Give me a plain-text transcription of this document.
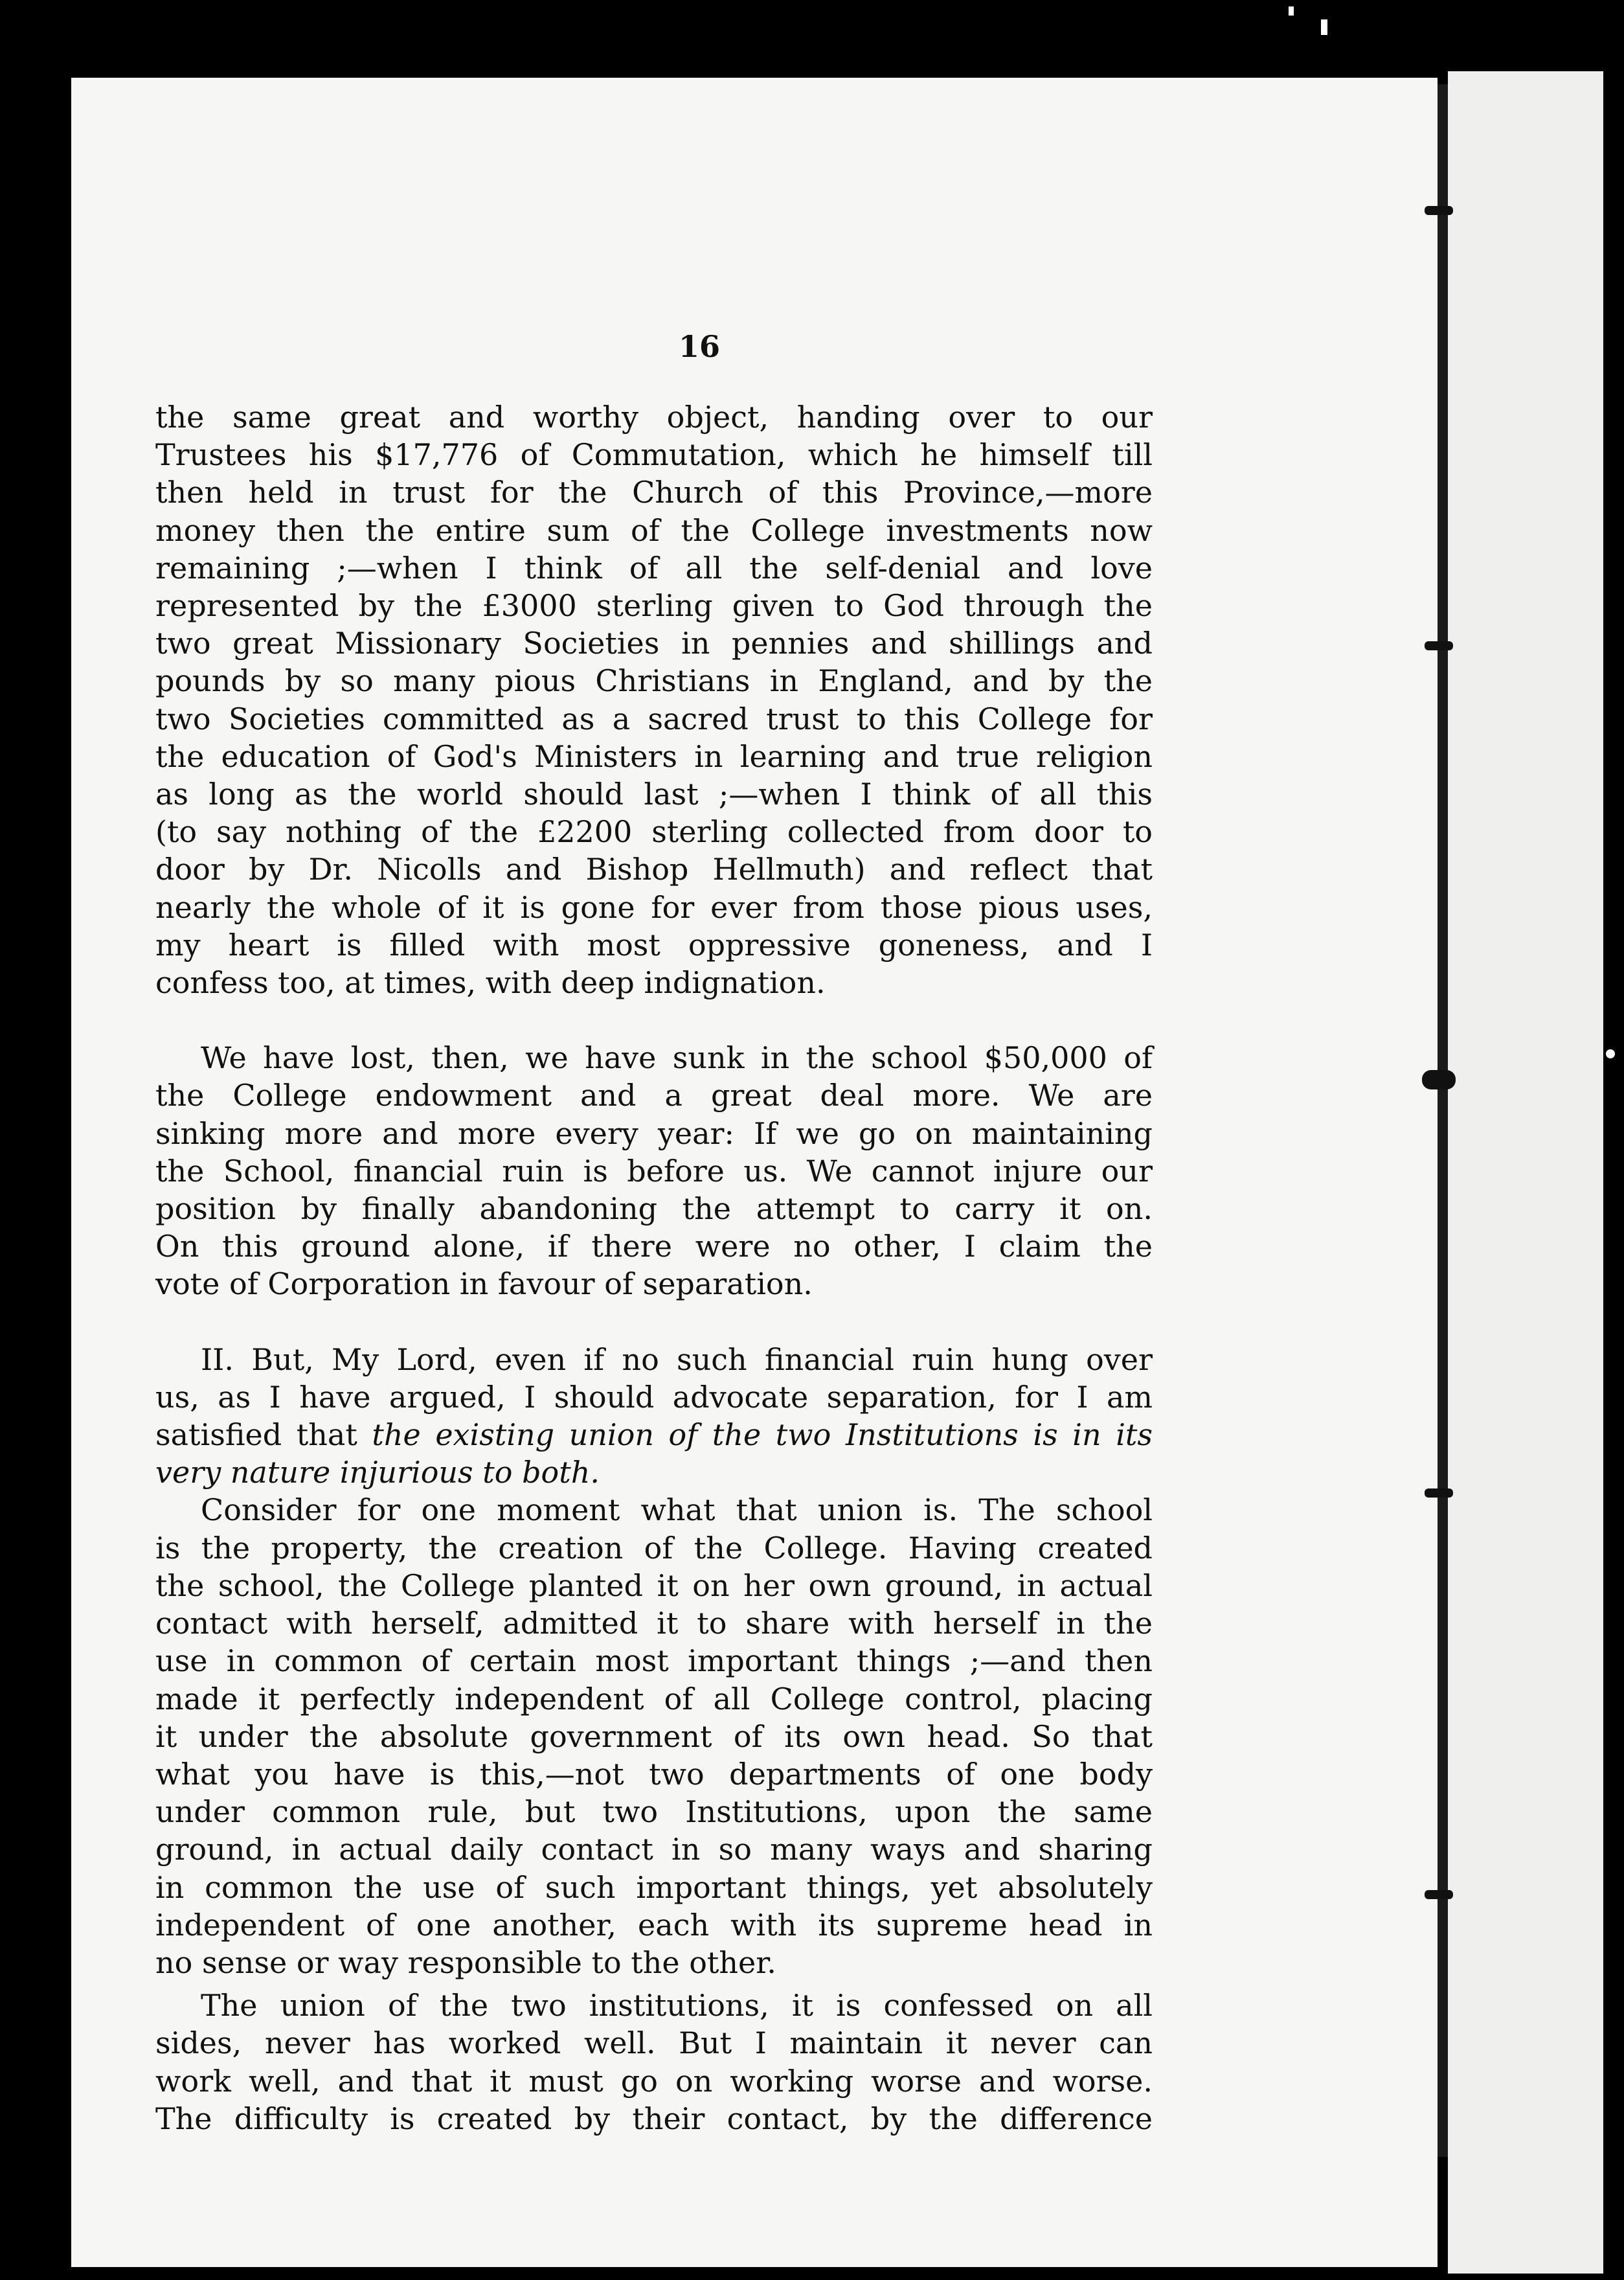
16
the same great and worthy object, handing over to our
Trustees his $17,776 of Commutation, which he himself till
then held in trust for the Church of this Province,—more
money then the entire sum of the College investments now
remaining ;—when I think of all the self-denial and love
represented by the £3000 sterling given to God through the
two great Missionary Societies in pennies and shillings and
pounds by so many pious Christians in England, and by the
two Societies committed as a sacred trust to this College for
the education of God's Ministers in learning and true religion
as long as the world should last ;—when I think of all this
(to say nothing of the £2200 sterling collected from door to
door by Dr. Nicolls and Bishop Hellmuth) and reflect that
nearly the whole of it is gone for ever from those pious uses,
my heart is filled with most oppressive goneness, and I
confess too, at times, with deep indignation.
We have lost, then, we have sunk in the school $50,000 of
the College endowment and a great deal more. We are
sinking more and more every year: If we go on maintaining
the School, financial ruin is before us. We cannot injure our
position by finally abandoning the attempt to carry it on.
On this ground alone, if there were no other, I claim the
vote of Corporation in favour of separation.
II. But, My Lord, even if no such financial ruin hung over
us, as I have argued, I should advocate separation, for I am
satisfied that the existing union of the two Institutions is in its
very nature injurious to both.
Consider for one moment what that union is. The school
is the property, the creation of the College. Having created
the school, the College planted it on her own ground, in actual
contact with herself, admitted it to share with herself in the
use in common of certain most important things ;—and then
made it perfectly independent of all College control, placing
it under the absolute government of its own head. So that
what you have is this,—not two departments of one body
under common rule, but two Institutions, upon the same
ground, in actual daily contact in so many ways and sharing
in common the use of such important things, yet absolutely
independent of one another, each with its supreme head in
no sense or way responsible to the other.
The union of the two institutions, it is confessed on all
sides, never has worked well. But I maintain it never can
work well, and that it must go on working worse and worse.
The difficulty is created by their contact, by the difference
